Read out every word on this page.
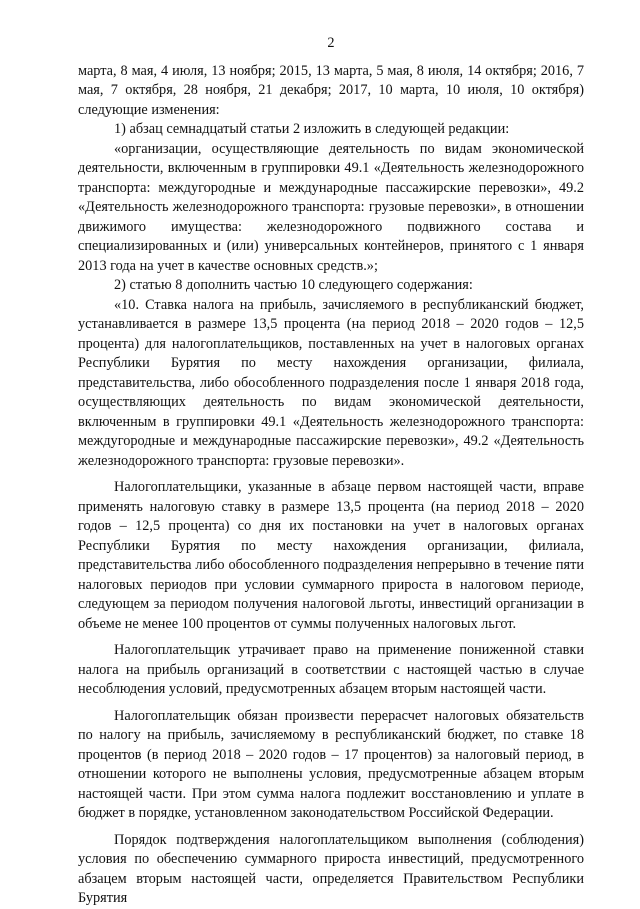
2

марта, 8 мая, 4 июля, 13 ноября; 2015, 13 марта, 5 мая, 8 июля, 14 октября; 2016, 7 мая, 7 октября, 28 ноября, 21 декабря; 2017, 10 марта, 10 июля, 10 октября) следующие изменения:

1) абзац семнадцатый статьи 2 изложить в следующей редакции:

«организации, осуществляющие деятельность по видам экономической деятельности, включенным в группировки 49.1 «Деятельность железнодорожного транспорта: междугородные и международные пассажирские перевозки», 49.2 «Деятельность железнодорожного транспорта: грузовые перевозки», в отношении движимого имущества: железнодорожного подвижного состава и специализированных и (или) универсальных контейнеров, принятого с 1 января 2013 года на учет в качестве основных средств.»;

2) статью 8 дополнить частью 10 следующего содержания:

«10. Ставка налога на прибыль, зачисляемого в республиканский бюджет, устанавливается в размере 13,5 процента (на период 2018 – 2020 годов – 12,5 процента) для налогоплательщиков, поставленных на учет в налоговых органах Республики Бурятия по месту нахождения организации, филиала, представительства, либо обособленного подразделения после 1 января 2018 года, осуществляющих деятельность по видам экономической деятельности, включенным в группировки 49.1 «Деятельность железнодорожного транспорта: междугородные и международные пассажирские перевозки», 49.2 «Деятельность железнодорожного транспорта: грузовые перевозки».

Налогоплательщики, указанные в абзаце первом настоящей части, вправе применять налоговую ставку в размере 13,5 процента (на период 2018 – 2020 годов – 12,5 процента) со дня их постановки на учет в налоговых органах Республики Бурятия по месту нахождения организации, филиала, представительства либо обособленного подразделения непрерывно в течение пяти налоговых периодов при условии суммарного прироста в налоговом периоде, следующем за периодом получения налоговой льготы, инвестиций организации в объеме не менее 100 процентов от суммы полученных налоговых льгот.

Налогоплательщик утрачивает право на применение пониженной ставки налога на прибыль организаций в соответствии с настоящей частью в случае несоблюдения условий, предусмотренных абзацем вторым настоящей части.

Налогоплательщик обязан произвести перерасчет налоговых обязательств по налогу на прибыль, зачисляемому в республиканский бюджет, по ставке 18 процентов (в период 2018 – 2020 годов – 17 процентов) за налоговый период, в отношении которого не выполнены условия, предусмотренные абзацем вторым настоящей части. При этом сумма налога подлежит восстановлению и уплате в бюджет в порядке, установленном законодательством Российской Федерации.

Порядок подтверждения налогоплательщиком выполнения (соблюдения) условия по обеспечению суммарного прироста инвестиций, предусмотренного абзацем вторым настоящей части, определяется Правительством Республики Бурятия
